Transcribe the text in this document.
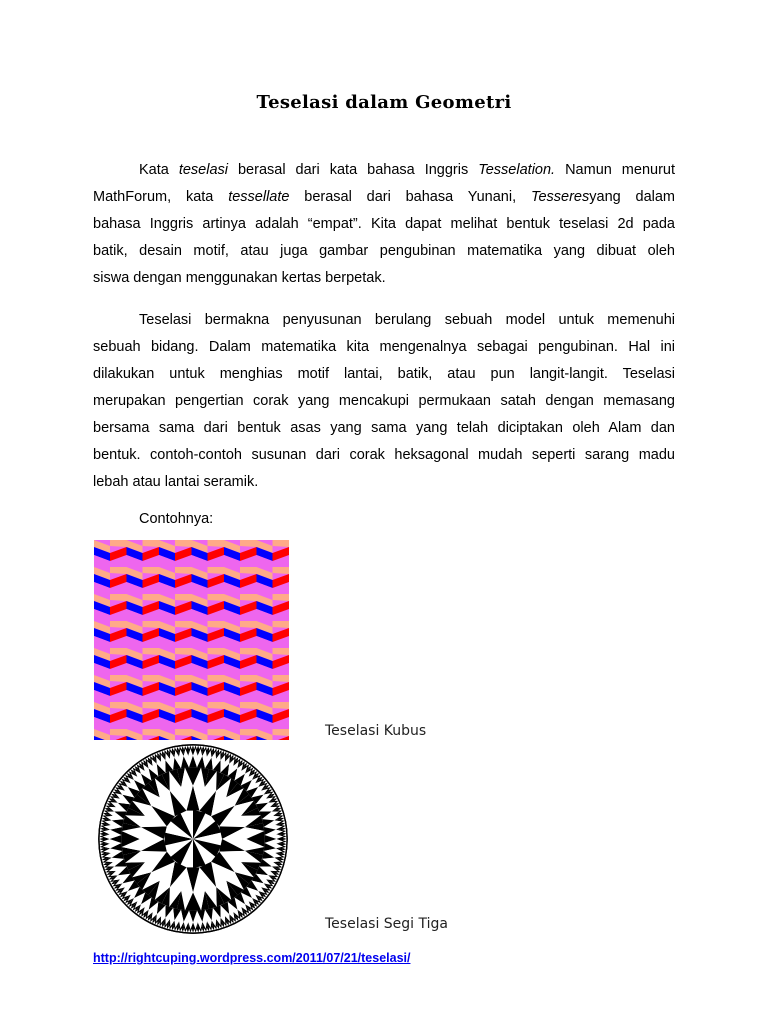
Teselasi dalam Geometri
Kata teselasi berasal dari kata bahasa Inggris Tesselation. Namun menurut
MathForum, kata tessellate berasal dari bahasa Yunani, Tesseresyang dalam
bahasa Inggris artinya adalah “empat”. Kita dapat melihat bentuk teselasi 2d pada
batik, desain motif, atau juga gambar pengubinan matematika yang dibuat oleh
siswa dengan menggunakan kertas berpetak.
Teselasi bermakna penyusunan berulang sebuah model untuk memenuhi
sebuah bidang. Dalam matematika kita mengenalnya sebagai pengubinan. Hal ini
dilakukan untuk menghias motif lantai, batik, atau pun langit-langit. Teselasi
merupakan pengertian corak yang mencakupi permukaan satah dengan memasang
bersama sama dari bentuk asas yang sama yang telah diciptakan oleh Alam dan
bentuk. contoh-contoh susunan dari corak heksagonal mudah seperti sarang madu
lebah atau lantai seramik.
Contohnya:
Teselasi Kubus
Teselasi Segi Tiga
http://rightcuping.wordpress.com/2011/07/21/teselasi/
